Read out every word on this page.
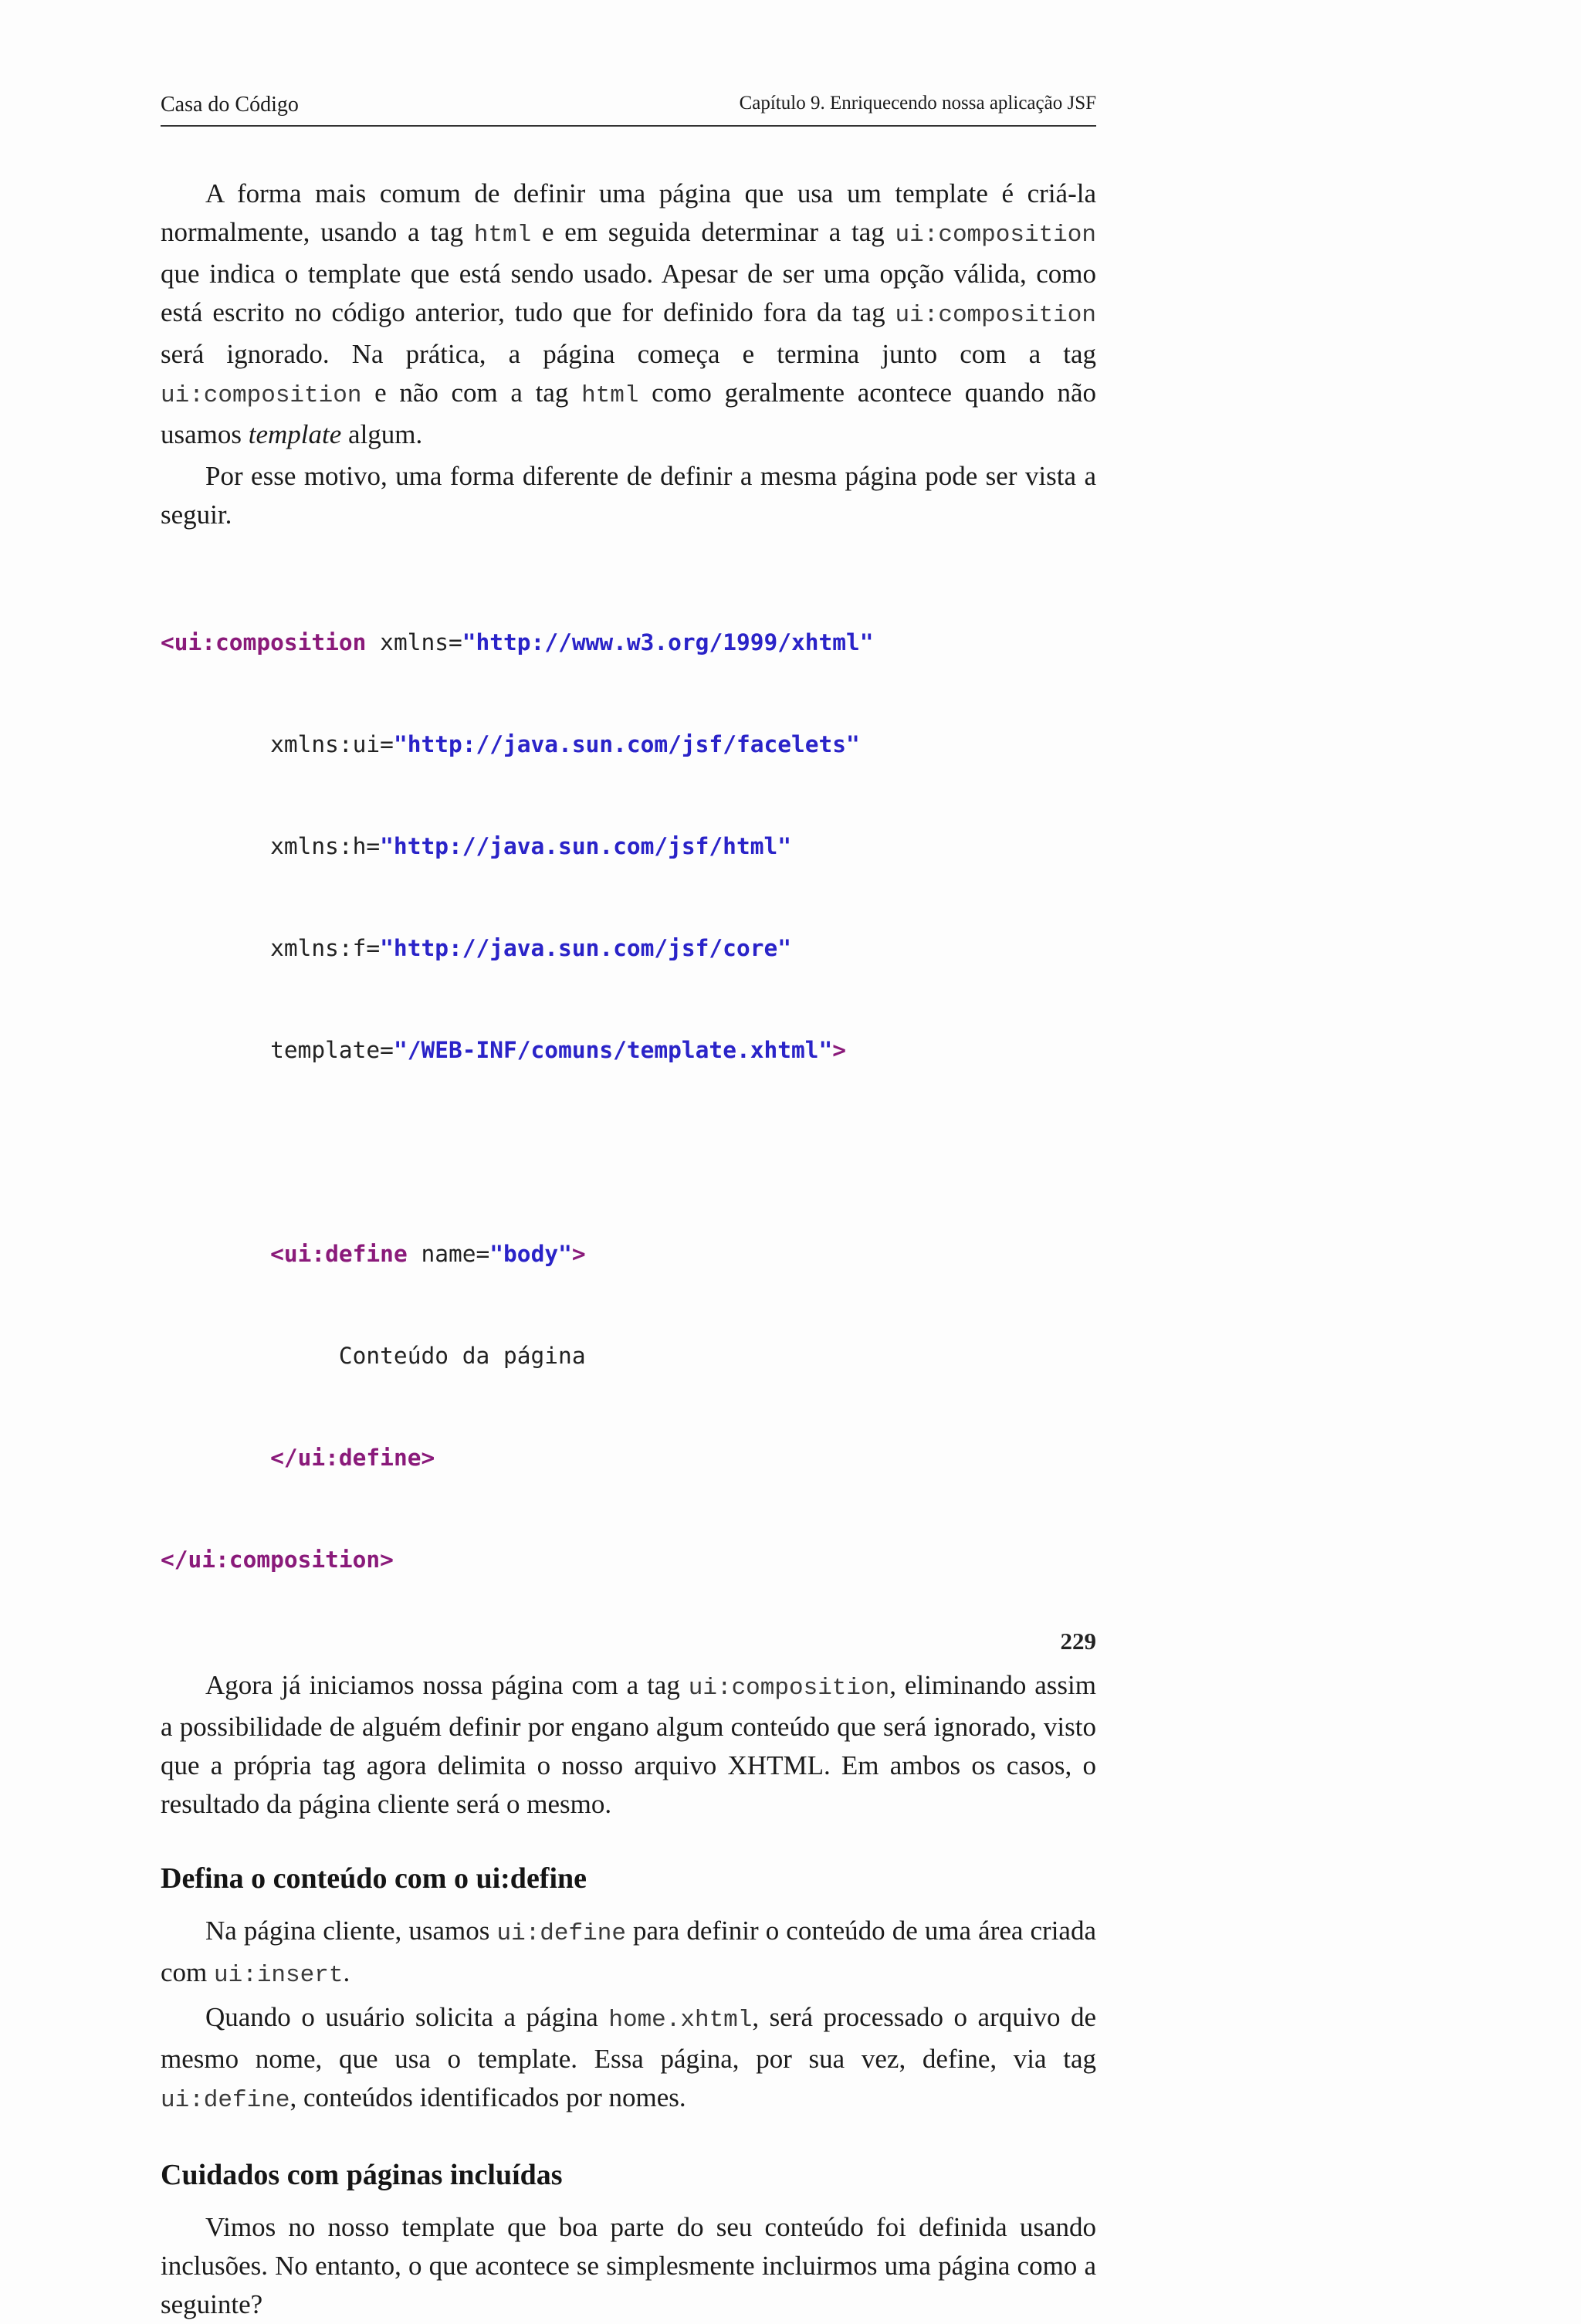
Casa do Código	Capítulo 9. Enriquecendo nossa aplicação JSF

A forma mais comum de definir uma página que usa um template é criá-la normalmente, usando a tag html e em seguida determinar a tag ui:composition que indica o template que está sendo usado. Apesar de ser uma opção válida, como está escrito no código anterior, tudo que for definido fora da tag ui:composition será ignorado. Na prática, a página começa e termina junto com a tag ui:composition e não com a tag html como geralmente acontece quando não usamos template algum.

Por esse motivo, uma forma diferente de definir a mesma página pode ser vista a seguir.

<ui:composition xmlns="http://www.w3.org/1999/xhtml"

xmlns:ui="http://java.sun.com/jsf/facelets"

xmlns:h="http://java.sun.com/jsf/html"

xmlns:f="http://java.sun.com/jsf/core"

template="/WEB-INF/comuns/template.xhtml">

<ui:define name="body">

Conteúdo da página

</ui:define>

</ui:composition>

Agora já iniciamos nossa página com a tag ui:composition, eliminando assim a possibilidade de alguém definir por engano algum conteúdo que será ignorado, visto que a própria tag agora delimita o nosso arquivo XHTML. Em ambos os casos, o resultado da página cliente será o mesmo.

Defina o conteúdo com o ui:define

Na página cliente, usamos ui:define para definir o conteúdo de uma área criada com ui:insert.

Quando o usuário solicita a página home.xhtml, será processado o arquivo de mesmo nome, que usa o template. Essa página, por sua vez, define, via tag ui:define, conteúdos identificados por nomes.

Cuidados com páginas incluídas

Vimos no nosso template que boa parte do seu conteúdo foi definida usando inclusões. No entanto, o que acontece se simplesmente incluirmos uma página como a seguinte?

229
